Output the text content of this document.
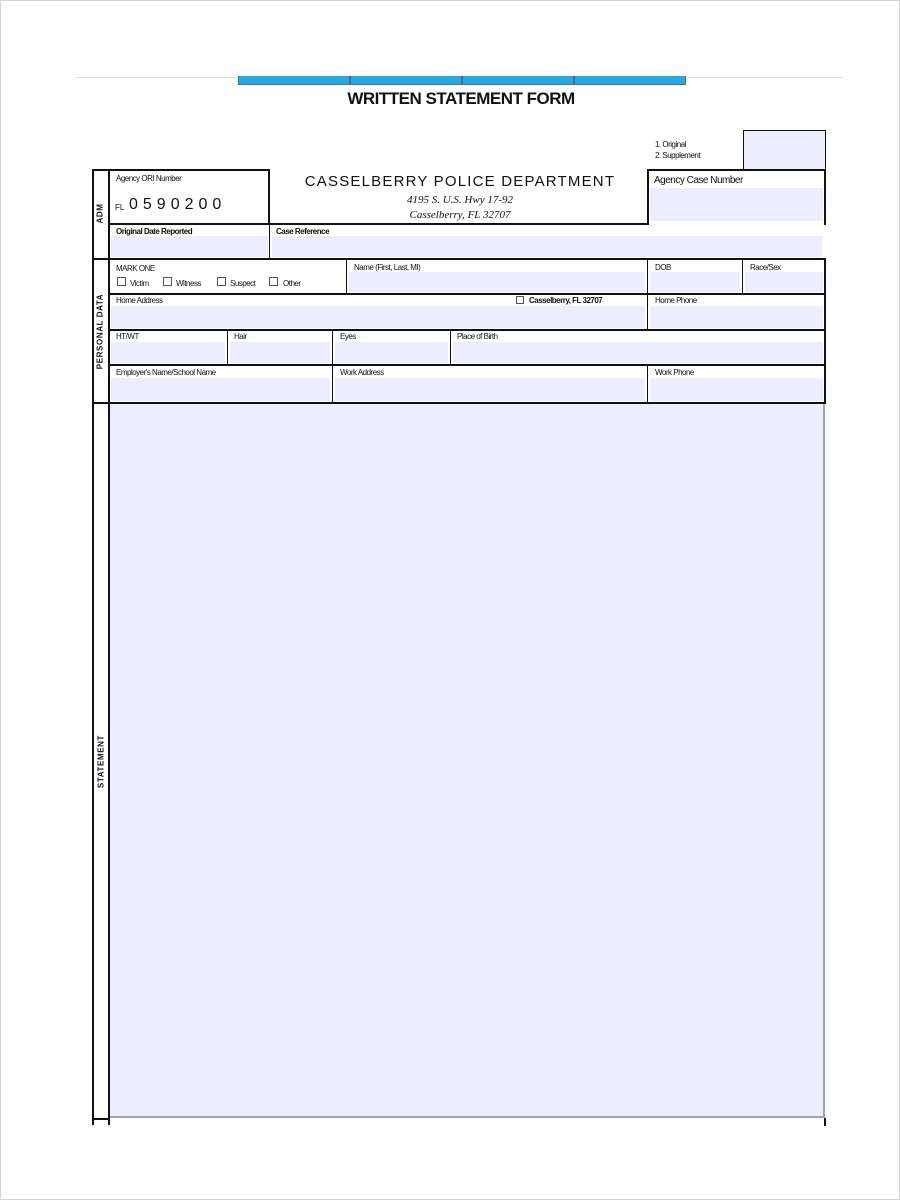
WRITTEN STATEMENT FORM
1. Original
2. Supplement
ADM
Agency ORI Number
FL 0590200
CASSELBERRY POLICE DEPARTMENT
4195 S. U.S. Hwy 17-92
Casselberry, FL 32707
Agency Case Number
Original Date Reported	Case Reference
PERSONAL DATA
MARK ONE
Victim	Witness	Suspect	Other
Name (First, Last, MI)	DOB	Race/Sex
Home Address	Casselberry, FL 32707	Home Phone
HT/WT	Hair	Eyes	Place of Birth
Employer's Name/School Name	Work Address	Work Phone
STATEMENT
